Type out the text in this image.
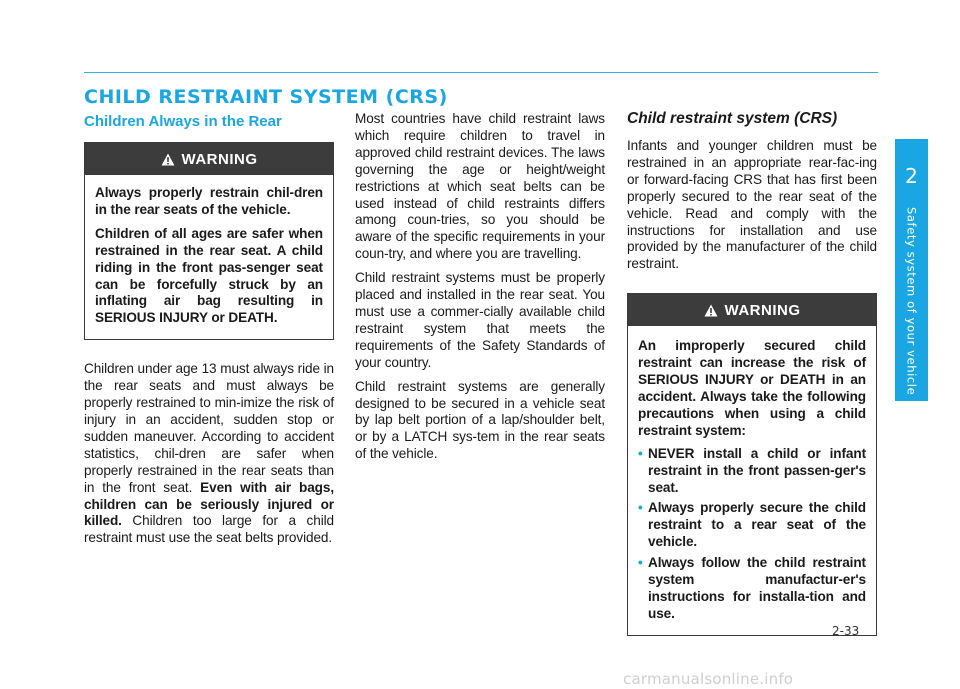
CHILD RESTRAINT SYSTEM (CRS)
Children Always in the Rear
WARNING

Always properly restrain chil-dren in the rear seats of the vehicle.

Children of all ages are safer when restrained in the rear seat. A child riding in the front pas-senger seat can be forcefully struck by an inflating air bag resulting in SERIOUS INJURY or DEATH.

Children under age 13 must always ride in the rear seats and must always be properly restrained to min-imize the risk of injury in an accident, sudden stop or sudden maneuver. According to accident statistics, chil-dren are safer when properly restrained in the rear seats than in the front seat. Even with air bags, children can be seriously injured or killed. Children too large for a child restraint must use the seat belts provided.

Most countries have child restraint laws which require children to travel in approved child restraint devices. The laws governing the age or height/weight restrictions at which seat belts can be used instead of child restraints differs among coun-tries, so you should be aware of the specific requirements in your coun-try, and where you are travelling.

Child restraint systems must be properly placed and installed in the rear seat. You must use a commer-cially available child restraint system that meets the requirements of the Safety Standards of your country.

Child restraint systems are generally designed to be secured in a vehicle seat by lap belt portion of a lap/shoulder belt, or by a LATCH sys-tem in the rear seats of the vehicle.

Child restraint system (CRS)

Infants and younger children must be restrained in an appropriate rear-fac-ing or forward-facing CRS that has first been properly secured to the rear seat of the vehicle. Read and comply with the instructions for installation and use provided by the manufacturer of the child restraint.

WARNING

An improperly secured child restraint can increase the risk of SERIOUS INJURY or DEATH in an accident. Always take the following precautions when using a child restraint system:

• NEVER install a child or infant restraint in the front passen-ger's seat.
• Always properly secure the child restraint to a rear seat of the vehicle.
• Always follow the child restraint system manufactur-er's instructions for installa-tion and use.
2
Safety system of your vehicle
2-33
carmanualsonline.info
